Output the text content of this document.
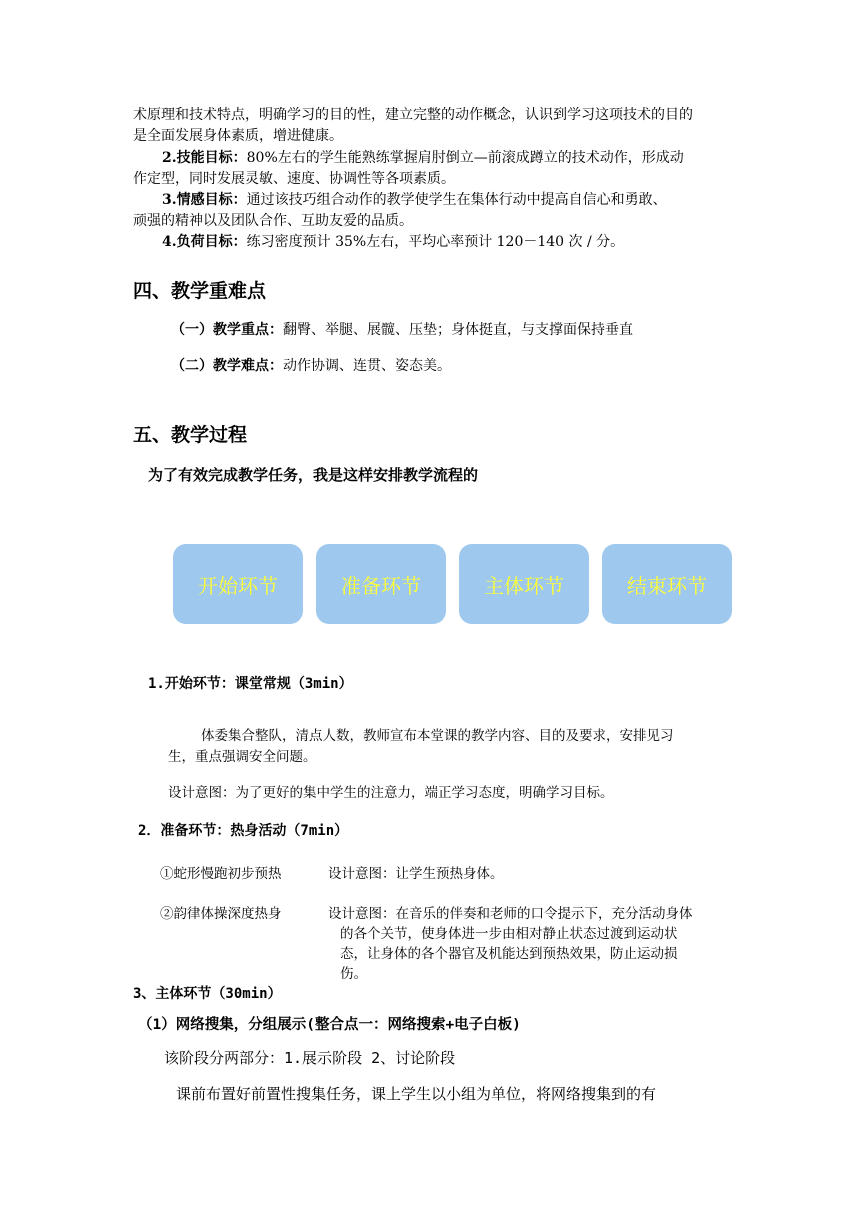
术原理和技术特点，明确学习的目的性，建立完整的动作概念，认识到学习这项技术的目的
是全面发展身体素质，增进健康。
2.技能目标：80%左右的学生能熟练掌握肩肘倒立—前滚成蹲立的技术动作，形成动
作定型，同时发展灵敏、速度、协调性等各项素质。
3.情感目标：通过该技巧组合动作的教学使学生在集体行动中提高自信心和勇敢、
顽强的精神以及团队合作、互助友爱的品质。
4.负荷目标：练习密度预计 35%左右，平均心率预计 120－140 次 / 分。
四、教学重难点
（一）教学重点：翻臀、举腿、展髋、压垫；身体挺直，与支撑面保持垂直
（二）教学难点：动作协调、连贯、姿态美。
五、教学过程
为了有效完成教学任务，我是这样安排教学流程的
开始环节	准备环节	主体环节	结束环节
1.开始环节：课堂常规（3min）
体委集合整队，清点人数，教师宣布本堂课的教学内容、目的及要求，安排见习
生，重点强调安全问题。
设计意图：为了更好的集中学生的注意力，端正学习态度，明确学习目标。
2．准备环节：热身活动（7min）
①蛇形慢跑初步预热	设计意图：让学生预热身体。
②韵律体操深度热身	设计意图：在音乐的伴奏和老师的口令提示下，充分活动身体
的各个关节，使身体进一步由相对静止状态过渡到运动状
态，让身体的各个器官及机能达到预热效果，防止运动损
伤。
3、主体环节（30min）
（1）网络搜集，分组展示(整合点一：网络搜索+电子白板)
该阶段分两部分：1.展示阶段 2、讨论阶段
课前布置好前置性搜集任务，课上学生以小组为单位，将网络搜集到的有
